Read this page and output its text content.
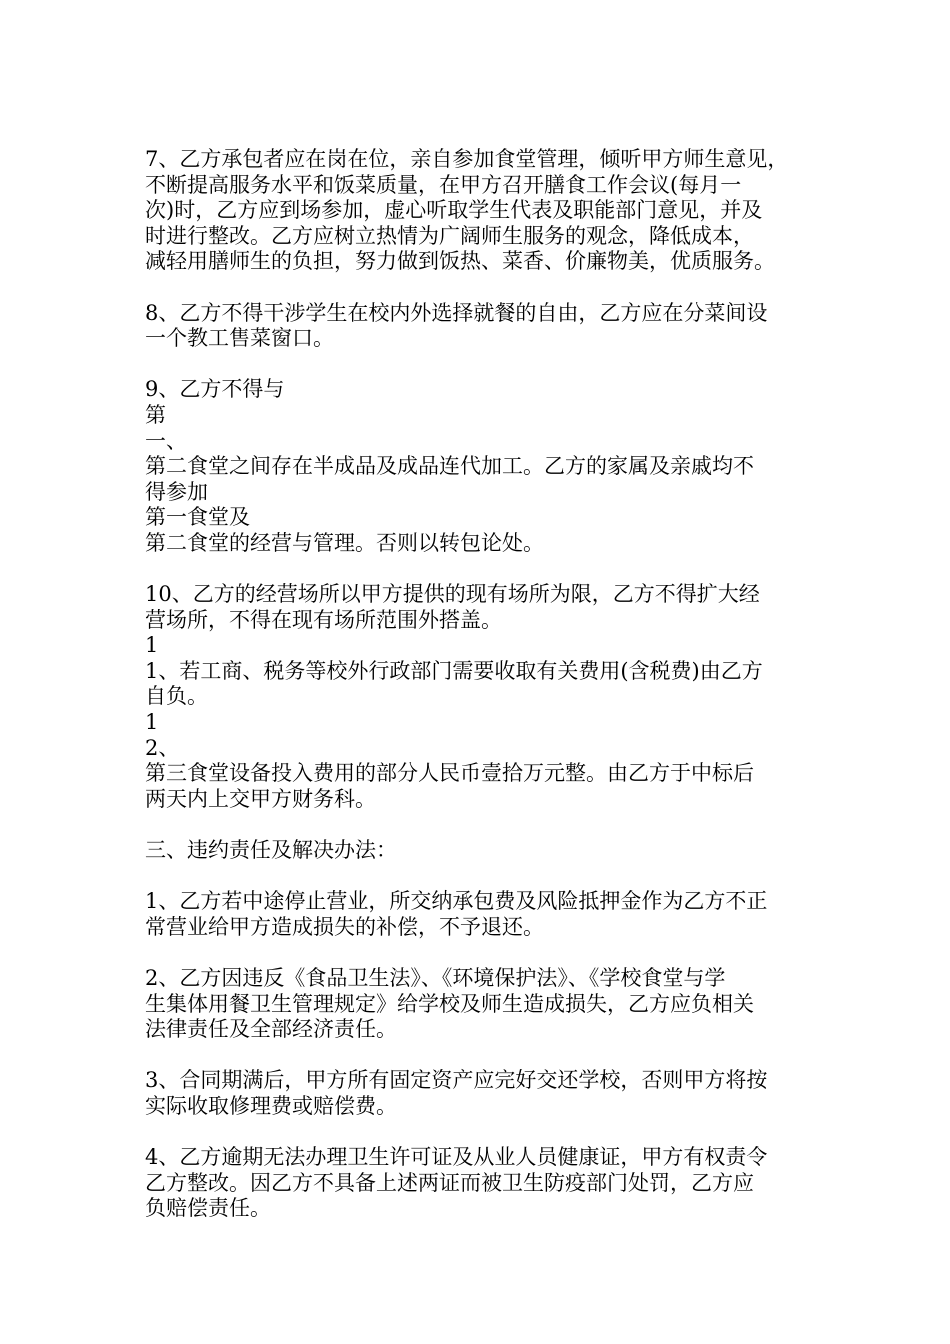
7、乙方承包者应在岗在位，亲自参加食堂管理，倾听甲方师生意见，
不断提高服务水平和饭菜质量，在甲方召开膳食工作会议(每月一
次)时，乙方应到场参加，虚心听取学生代表及职能部门意见，并及
时进行整改。乙方应树立热情为广阔师生服务的观念，降低成本，
减轻用膳师生的负担，努力做到饭热、菜香、价廉物美，优质服务。
8、乙方不得干涉学生在校内外选择就餐的自由，乙方应在分菜间设
一个教工售菜窗口。
9、乙方不得与
第
一、
第二食堂之间存在半成品及成品连代加工。乙方的家属及亲戚均不
得参加
第一食堂及
第二食堂的经营与管理。否则以转包论处。
10、乙方的经营场所以甲方提供的现有场所为限，乙方不得扩大经
营场所，不得在现有场所范围外搭盖。
1
1、若工商、税务等校外行政部门需要收取有关费用(含税费)由乙方
自负。
1
2、
第三食堂设备投入费用的部分人民币壹拾万元整。由乙方于中标后
两天内上交甲方财务科。
三、违约责任及解决办法：
1、乙方若中途停止营业，所交纳承包费及风险抵押金作为乙方不正
常营业给甲方造成损失的补偿，不予退还。
2、乙方因违反《食品卫生法》、《环境保护法》、《学校食堂与学
生集体用餐卫生管理规定》给学校及师生造成损失，乙方应负相关
法律责任及全部经济责任。
3、合同期满后，甲方所有固定资产应完好交还学校，否则甲方将按
实际收取修理费或赔偿费。
4、乙方逾期无法办理卫生许可证及从业人员健康证，甲方有权责令
乙方整改。因乙方不具备上述两证而被卫生防疫部门处罚，乙方应
负赔偿责任。
